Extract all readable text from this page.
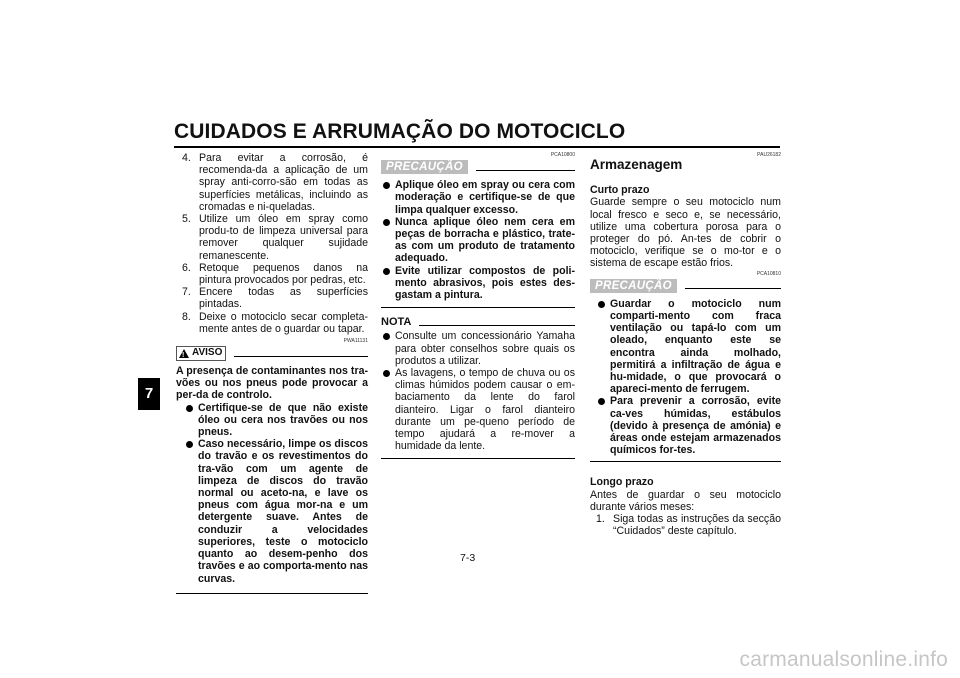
CUIDADOS E ARRUMAÇÃO DO MOTOCICLO
7
4. Para evitar a corrosão, é recomenda-da a aplicação de um spray anti-corro-são em todas as superfícies metálicas, incluindo as cromadas e ni-queladas.
5. Utilize um óleo em spray como produ-to de limpeza universal para remover qualquer sujidade remanescente.
6. Retoque pequenos danos na pintura provocados por pedras, etc.
7. Encere todas as superfícies pintadas.
8. Deixe o motociclo secar completa-mente antes de o guardar ou tapar.
PWA11131
!
AVISO
A presença de contaminantes nos tra-vões ou nos pneus pode provocar a per-da de controlo.
Certifique-se de que não existe óleo ou cera nos travões ou nos pneus.
Caso necessário, limpe os discos do travão e os revestimentos do tra-vão com um agente de limpeza de discos do travão normal ou aceto-na, e lave os pneus com água mor-na e um detergente suave. Antes de conduzir a velocidades superiores, teste o motociclo quanto ao desem-penho dos travões e ao comporta-mento nas curvas.
PCA10800
PRECAUÇÃO
Aplique óleo em spray ou cera com moderação e certifique-se de que limpa qualquer excesso.
Nunca aplique óleo nem cera em peças de borracha e plástico, trate-as com um produto de tratamento adequado.
Evite utilizar compostos de poli-mento abrasivos, pois estes des-gastam a pintura.
NOTA
Consulte um concessionário Yamaha para obter conselhos sobre quais os produtos a utilizar.
As lavagens, o tempo de chuva ou os climas húmidos podem causar o em-baciamento da lente do farol dianteiro. Ligar o farol dianteiro durante um pe-queno período de tempo ajudará a re-mover a humidade da lente.
PAU26182
Armazenagem
Curto prazo
Guarde sempre o seu motociclo num local fresco e seco e, se necessário, utilize uma cobertura porosa para o proteger do pó. An-tes de cobrir o motociclo, verifique se o mo-tor e o sistema de escape estão frios.
PCA10810
PRECAUÇÃO
Guardar o motociclo num comparti-mento com fraca ventilação ou tapá-lo com um oleado, enquanto este se encontra ainda molhado, permitirá a infiltração de água e hu-midade, o que provocará o apareci-mento de ferrugem.
Para prevenir a corrosão, evite ca-ves húmidas, estábulos (devido à presença de amónia) e áreas onde estejam armazenados químicos for-tes.
Longo prazo
Antes de guardar o seu motociclo durante vários meses:
1. Siga todas as instruções da secção “Cuidados” deste capítulo.
7-3
carmanualsonline.info
